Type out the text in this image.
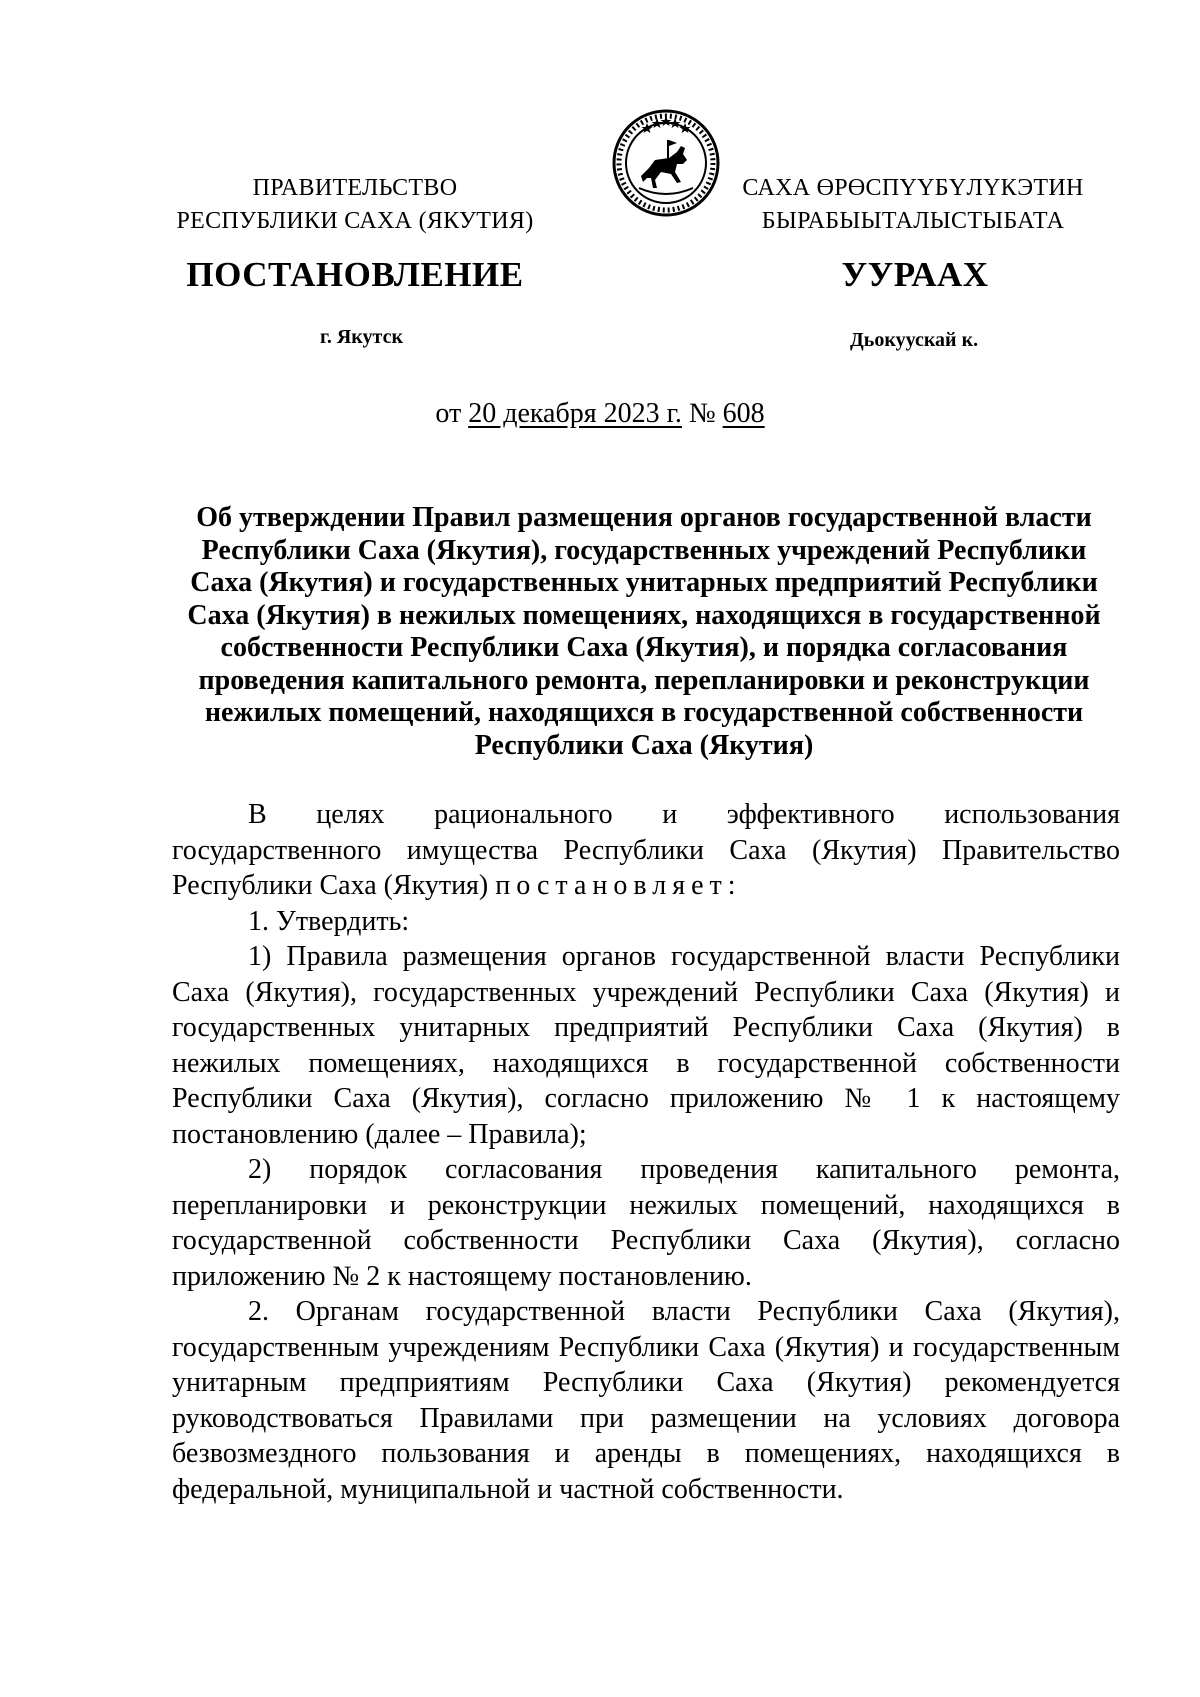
ПРАВИТЕЛЬСТВО
РЕСПУБЛИКИ САХА (ЯКУТИЯ)
САХА ӨРӨСПҮҮБҮЛҮКЭТИН
БЫРАБЫЫТАЛЫСТЫБАТА
ПОСТАНОВЛЕНИЕ	УУРААХ
г. Якутск	Дьокуускай к.
от 20 декабря 2023 г. № 608
Об утверждении Правил размещения органов государственной власти Республики Саха (Якутия), государственных учреждений Республики Саха (Якутия) и государственных унитарных предприятий Республики Саха (Якутия) в нежилых помещениях, находящихся в государственной собственности Республики Саха (Якутия), и порядка согласования проведения капитального ремонта, перепланировки и реконструкции нежилых помещений, находящихся в государственной собственности Республики Саха (Якутия)

В целях рационального и эффективного использования государственного имущества Республики Саха (Якутия) Правительство Республики Саха (Якутия) постановляет:

1. Утвердить:

1) Правила размещения органов государственной власти Республики Саха (Якутия), государственных учреждений Республики Саха (Якутия) и государственных унитарных предприятий Республики Саха (Якутия) в нежилых помещениях, находящихся в государственной собственности Республики Саха (Якутия), согласно приложению № 1 к настоящему постановлению (далее – Правила);

2) порядок согласования проведения капитального ремонта, перепланировки и реконструкции нежилых помещений, находящихся в государственной собственности Республики Саха (Якутия), согласно приложению № 2 к настоящему постановлению.

2. Органам государственной власти Республики Саха (Якутия), государственным учреждениям Республики Саха (Якутия) и государственным унитарным предприятиям Республики Саха (Якутия) рекомендуется руководствоваться Правилами при размещении на условиях договора безвозмездного пользования и аренды в помещениях, находящихся в федеральной, муниципальной и частной собственности.
